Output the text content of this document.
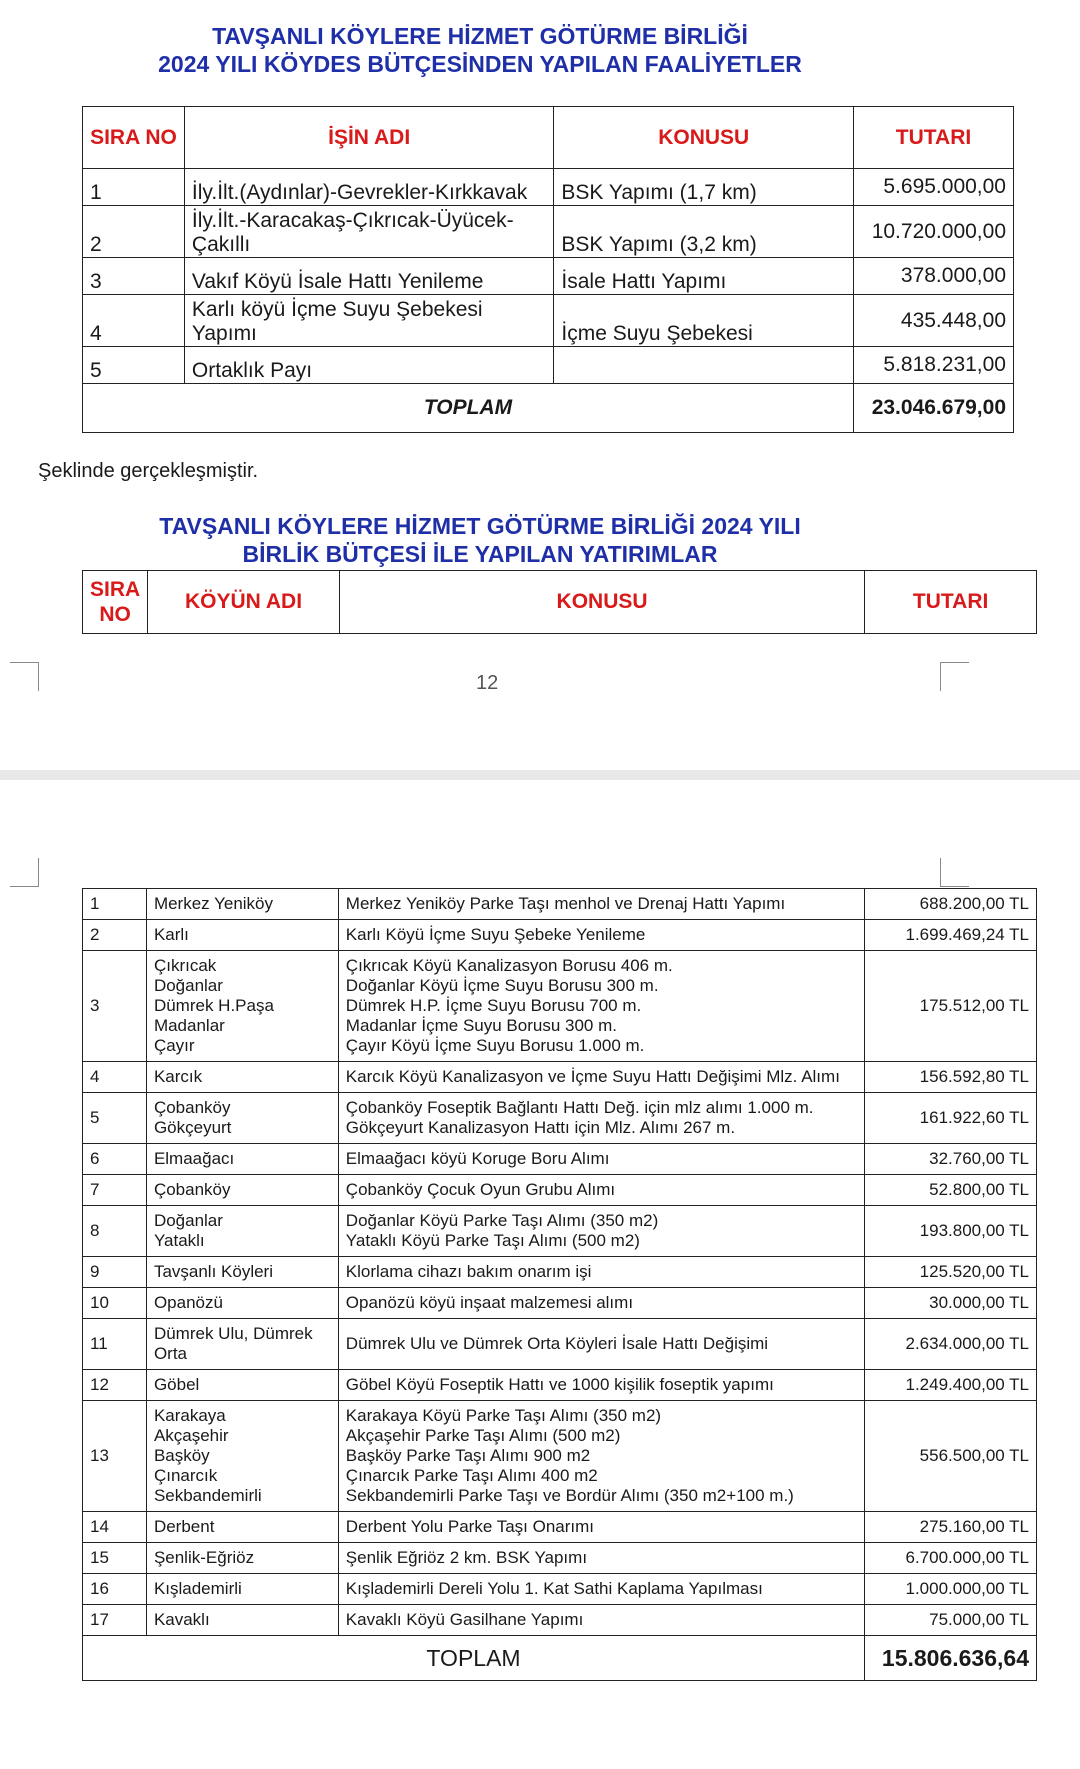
TAVŞANLI KÖYLERE HİZMET GÖTÜRME BİRLİĞİ
2024 YILI KÖYDES BÜTÇESİNDEN YAPILAN FAALİYETLER
SIRA NO	İŞİN ADI	KONUSU	TUTARI
1	İly.İlt.(Aydınlar)-Gevrekler-Kırkkavak	BSK Yapımı (1,7 km)	5.695.000,00
2	İly.İlt.-Karacakaş-Çıkrıcak-Üyücek-
Çakıllı	BSK Yapımı (3,2 km)	10.720.000,00
3	Vakıf Köyü İsale Hattı Yenileme	İsale Hattı Yapımı	378.000,00
4	Karlı köyü İçme Suyu Şebekesi
Yapımı	İçme Suyu Şebekesi	435.448,00
5	Ortaklık Payı		5.818.231,00
TOPLAM			23.046.679,00
Şeklinde gerçekleşmiştir.
TAVŞANLI KÖYLERE HİZMET GÖTÜRME BİRLİĞİ 2024 YILI
BİRLİK BÜTÇESİ İLE YAPILAN YATIRIMLAR
SIRA
NO	KÖYÜN ADI	KONUSU	TUTARI
12
1	Merkez Yeniköy	Merkez Yeniköy Parke Taşı menhol ve Drenaj Hattı Yapımı	688.200,00 TL
2	Karlı	Karlı Köyü İçme Suyu Şebeke Yenileme	1.699.469,24 TL
3	Çıkrıcak
Doğanlar
Dümrek H.Paşa
Madanlar
Çayır	Çıkrıcak Köyü Kanalizasyon Borusu 406 m.
Doğanlar Köyü İçme Suyu Borusu 300 m.
Dümrek H.P. İçme Suyu Borusu 700 m.
Madanlar İçme Suyu Borusu 300 m.
Çayır Köyü İçme Suyu Borusu 1.000 m.	175.512,00 TL
4	Karcık	Karcık Köyü Kanalizasyon ve İçme Suyu Hattı Değişimi Mlz. Alımı	156.592,80 TL
5	Çobanköy
Gökçeyurt	Çobanköy Foseptik Bağlantı Hattı Değ. için mlz alımı 1.000 m.
Gökçeyurt Kanalizasyon Hattı için Mlz. Alımı 267 m.	161.922,60 TL
6	Elmaağacı	Elmaağacı köyü Koruge Boru Alımı	32.760,00 TL
7	Çobanköy	Çobanköy Çocuk Oyun Grubu Alımı	52.800,00 TL
8	Doğanlar
Yataklı	Doğanlar Köyü Parke Taşı Alımı (350 m2)
Yataklı Köyü Parke Taşı Alımı (500 m2)	193.800,00 TL
9	Tavşanlı Köyleri	Klorlama cihazı bakım onarım işi	125.520,00 TL
10	Opanözü	Opanözü köyü inşaat malzemesi alımı	30.000,00 TL
11	Dümrek Ulu, Dümrek
Orta	Dümrek Ulu ve Dümrek Orta Köyleri İsale Hattı Değişimi	2.634.000,00 TL
12	Göbel	Göbel Köyü Foseptik Hattı ve 1000 kişilik foseptik yapımı	1.249.400,00 TL
13	Karakaya
Akçaşehir
Başköy
Çınarcık
Sekbandemirli	Karakaya Köyü Parke Taşı Alımı (350 m2)
Akçaşehir Parke Taşı Alımı (500 m2)
Başköy Parke Taşı Alımı 900 m2
Çınarcık Parke Taşı Alımı 400 m2
Sekbandemirli Parke Taşı ve Bordür Alımı (350 m2+100 m.)	556.500,00 TL
14	Derbent	Derbent Yolu Parke Taşı Onarımı	275.160,00 TL
15	Şenlik-Eğriöz	Şenlik Eğriöz 2 km. BSK Yapımı	6.700.000,00 TL
16	Kışlademirli	Kışlademirli Dereli Yolu 1. Kat Sathi Kaplama Yapılması	1.000.000,00 TL
17	Kavaklı	Kavaklı Köyü Gasilhane Yapımı	75.000,00 TL
TOPLAM			15.806.636,64
